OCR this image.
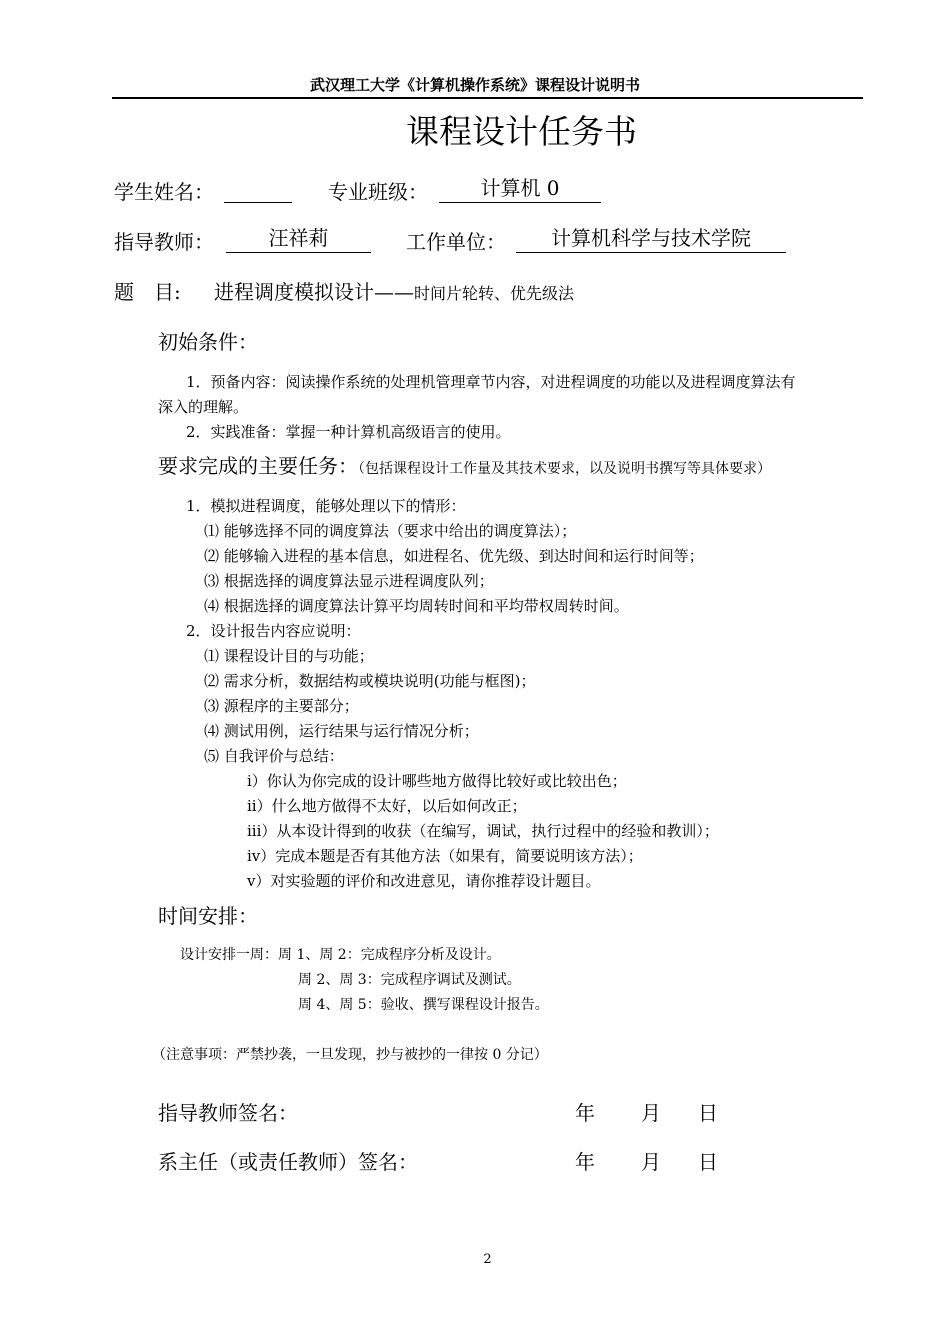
武汉理工大学《计算机操作系统》课程设计说明书
课程设计任务书
学生姓名：	专业班级：	计算机 0
指导教师：	汪祥莉	工作单位：	计算机科学与技术学院
题　目: 进程调度模拟设计——时间片轮转、优先级法
初始条件：
1．预备内容：阅读操作系统的处理机管理章节内容，对进程调度的功能以及进程调度算法有
深入的理解。
2．实践准备：掌握一种计算机高级语言的使用。
要求完成的主要任务：（包括课程设计工作量及其技术要求，以及说明书撰写等具体要求）
1．模拟进程调度，能够处理以下的情形：
⑴ 能够选择不同的调度算法（要求中给出的调度算法）；
⑵ 能够输入进程的基本信息，如进程名、优先级、到达时间和运行时间等；
⑶ 根据选择的调度算法显示进程调度队列；
⑷ 根据选择的调度算法计算平均周转时间和平均带权周转时间。
2．设计报告内容应说明：
⑴ 课程设计目的与功能；
⑵ 需求分析，数据结构或模块说明(功能与框图)；
⑶ 源程序的主要部分；
⑷ 测试用例，运行结果与运行情况分析；
⑸ 自我评价与总结：
i）你认为你完成的设计哪些地方做得比较好或比较出色；
ii）什么地方做得不太好，以后如何改正；
iii）从本设计得到的收获（在编写，调试，执行过程中的经验和教训）；
iv）完成本题是否有其他方法（如果有，简要说明该方法）；
v）对实验题的评价和改进意见，请你推荐设计题目。
时间安排：
设计安排一周：周 1、周 2：完成程序分析及设计。
周 2、周 3：完成程序调试及测试。
周 4、周 5：验收、撰写课程设计报告。
（注意事项：严禁抄袭，一旦发现，抄与被抄的一律按 0 分记）
指导教师签名：	年 月 日
系主任（或责任教师）签名：	年 月 日
2
